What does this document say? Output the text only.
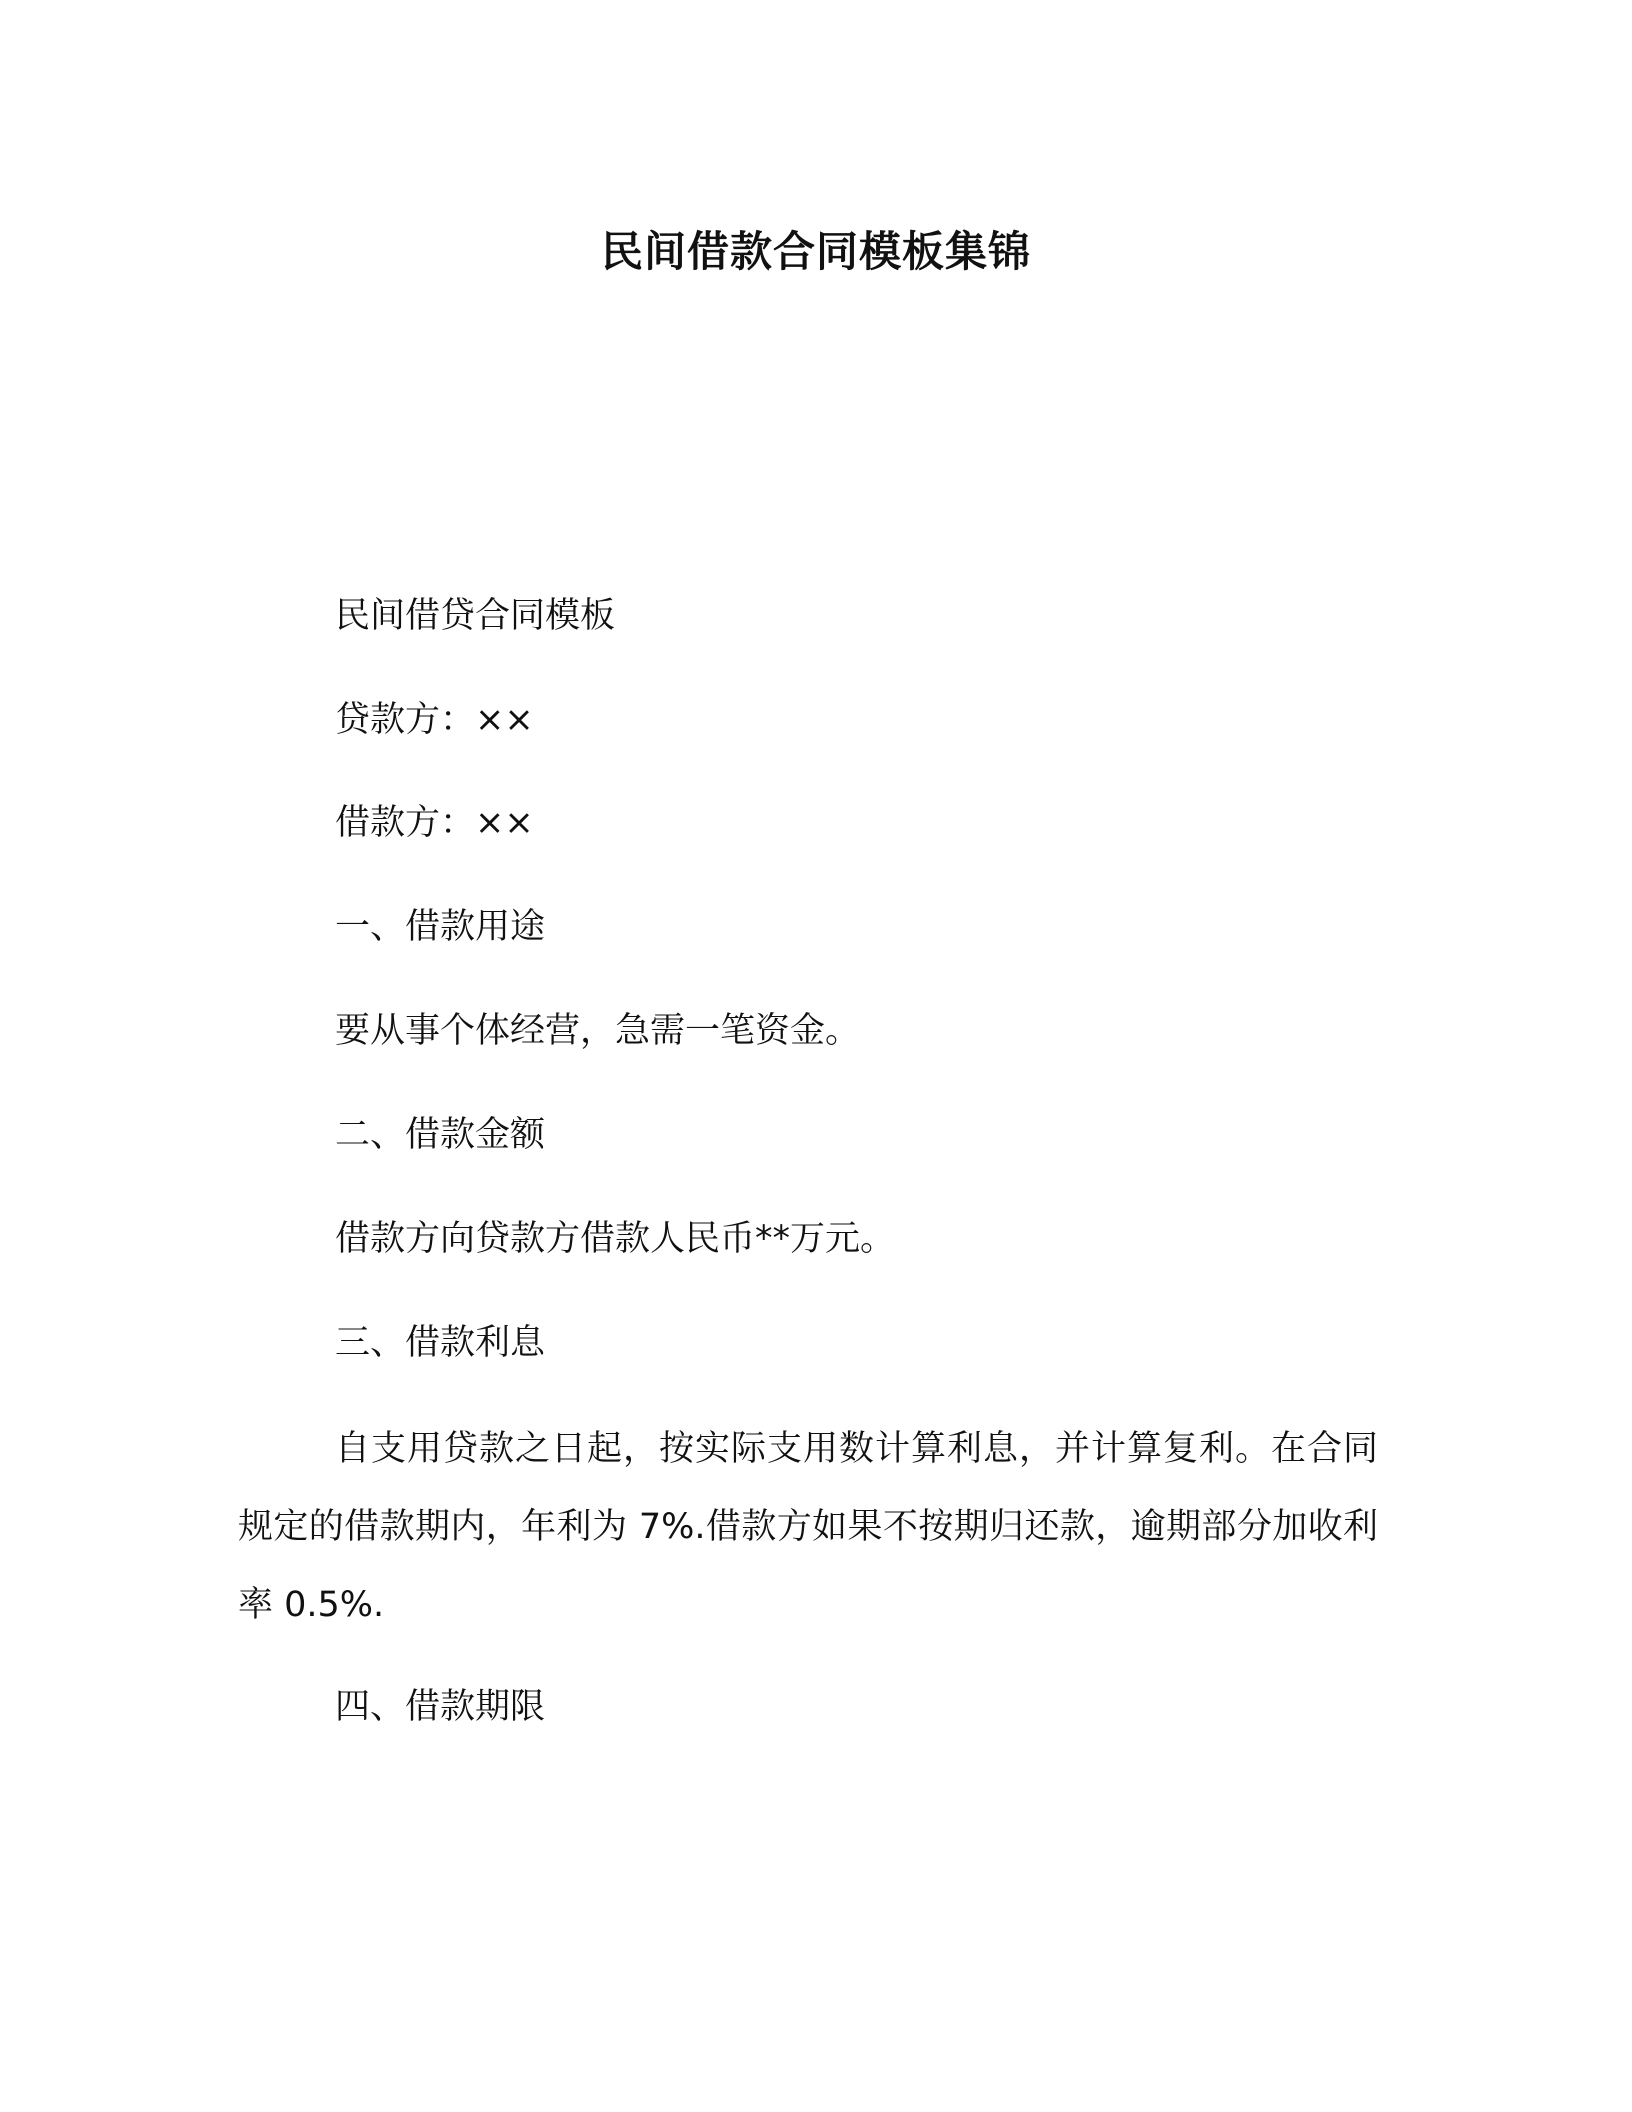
民间借款合同模板集锦
民间借贷合同模板
贷款方：××
借款方：××
一、借款用途
要从事个体经营，急需一笔资金。
二、借款金额
借款方向贷款方借款人民币**万元。
三、借款利息
自支用贷款之日起，按实际支用数计算利息，并计算复利。在合同规定的借款期内，年利为 7%.借款方如果不按期归还款，逾期部分加收利率 0.5%.
四、借款期限
